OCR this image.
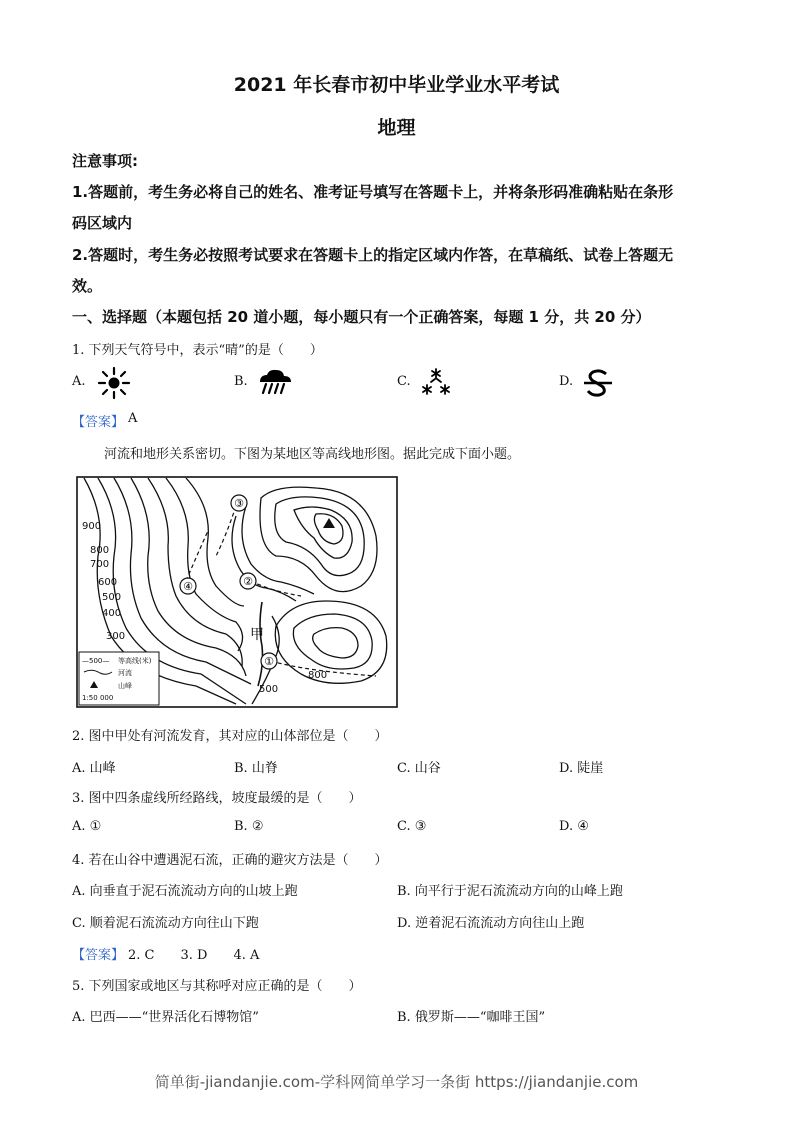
2021 年长春市初中毕业学业水平考试
地理
注意事项:
1.答题前，考生务必将自己的姓名、准考证号填写在答题卡上，并将条形码准确粘贴在条形
码区域内
2.答题时，考生务必按照考试要求在答题卡上的指定区域内作答，在草稿纸、试卷上答题无
效。
一、选择题（本题包括 20 道小题，每小题只有一个正确答案，每题 1 分，共 20 分）
1. 下列天气符号中，表示“晴”的是（　　）
A.	B.	C.	D.
【答案】 A
河流和地形关系密切。下图为某地区等高线地形图。据此完成下面小题。
③
②
④
①
甲
900
800
700
600
500
400
300
800
500
—500— 等高线(米)
河流
山峰
1:50 000
2. 图中甲处有河流发育，其对应的山体部位是（　　）
A. 山峰	B. 山脊	C. 山谷	D. 陡崖
3. 图中四条虚线所经路线，坡度最缓的是（　　）
A. ①	B. ②	C. ③	D. ④
4. 若在山谷中遭遇泥石流，正确的避灾方法是（　　）
A. 向垂直于泥石流流动方向的山坡上跑	B. 向平行于泥石流流动方向的山峰上跑
C. 顺着泥石流流动方向往山下跑	D. 逆着泥石流流动方向往山上跑
【答案】 2. C　　3. D　　4. A
5. 下列国家或地区与其称呼对应正确的是（　　）
A. 巴西——“世界活化石博物馆”	B. 俄罗斯——“咖啡王国”
简单街-jiandanjie.com-学科网简单学习一条街 https://jiandanjie.com
